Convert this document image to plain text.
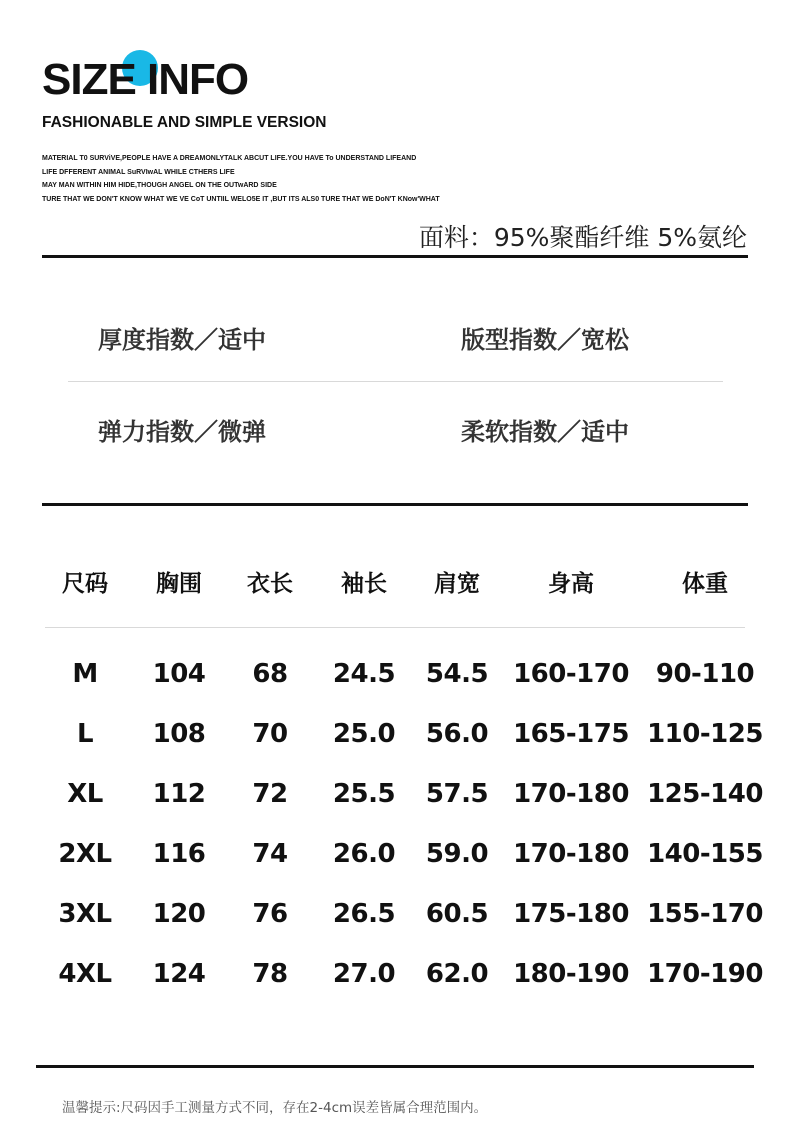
SIZE INFO
FASHIONABLE AND SIMPLE VERSION
MATERIAL T0 SURViVE,PEOPLE HAVE A DREAMONLYTALK ABCUT LIFE.YOU HAVE To UNDERSTAND LIFEAND
LIFE DFFERENT ANIMAL SuRVIwAL WHILE CTHERS LIFE
MAY MAN WITHIN HIM HIDE,THOUGH ANGEL ON THE OUTwARD SIDE
TURE THAT WE DON'T KNOW WHAT WE VE CoT UNTIIL WELO5E IT ,BUT ITS ALS0 TURE THAT WE DoN'T KNow'WHAT
面料：95%聚酯纤维 5%氨纶
厚度指数／适中	版型指数／宽松
弹力指数／微弹	柔软指数／适中
尺码 胸围 衣长 袖长 肩宽	身高	体重
M 104 68 24.5 54.5 160-170 90-110
L 108 70 25.0 56.0 165-175 110-125
XL 112 72 25.5 57.5 170-180 125-140
2XL 116 74 26.0 59.0 170-180 140-155
3XL 120 76 26.5 60.5 175-180 155-170
4XL 124 78 27.0 62.0 180-190 170-190
温馨提示:尺码因手工测量方式不同，存在2-4cm误差皆属合理范围内。
